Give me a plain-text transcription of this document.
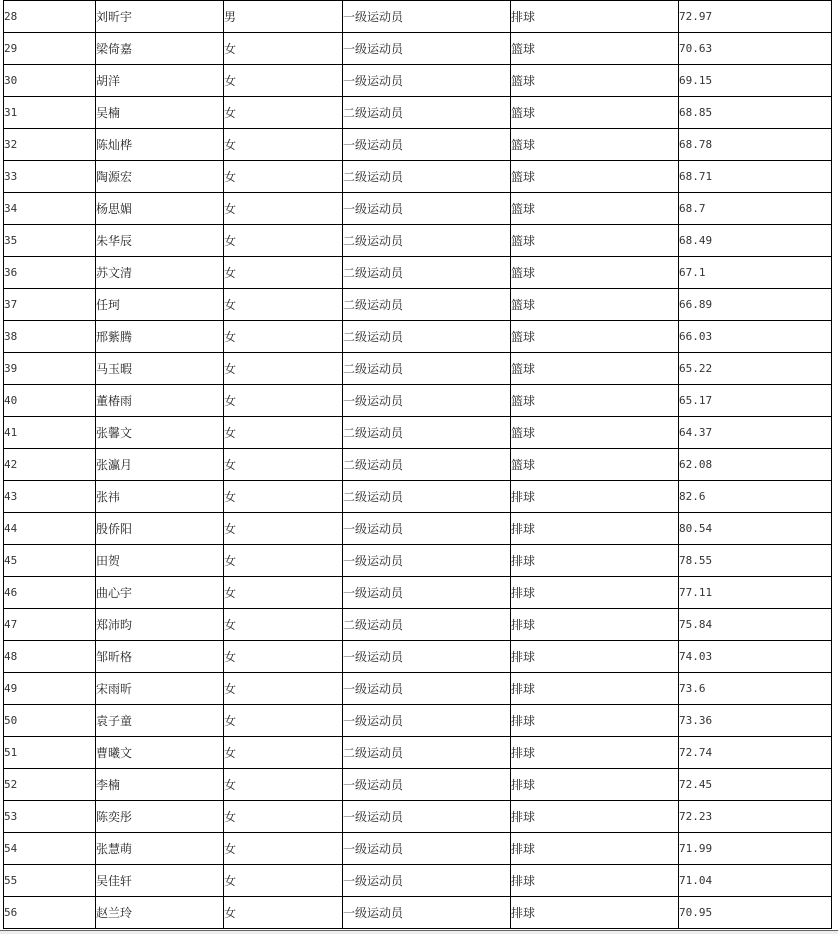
28	刘昕宇	男	一级运动员	排球	72.97
29	梁倚嘉	女	一级运动员	篮球	70.63
30	胡洋	女	一级运动员	篮球	69.15
31	吴楠	女	二级运动员	篮球	68.85
32	陈灿桦	女	一级运动员	篮球	68.78
33	陶源宏	女	二级运动员	篮球	68.71
34	杨思媚	女	一级运动员	篮球	68.7
35	朱华辰	女	二级运动员	篮球	68.49
36	苏文清	女	二级运动员	篮球	67.1
37	任珂	女	二级运动员	篮球	66.89
38	邢紫腾	女	二级运动员	篮球	66.03
39	马玉暇	女	二级运动员	篮球	65.22
40	董椿雨	女	一级运动员	篮球	65.17
41	张馨文	女	二级运动员	篮球	64.37
42	张瀛月	女	二级运动员	篮球	62.08
43	张祎	女	二级运动员	排球	82.6
44	殷侨阳	女	一级运动员	排球	80.54
45	田贺	女	一级运动员	排球	78.55
46	曲心宇	女	一级运动员	排球	77.11
47	郑沛昀	女	二级运动员	排球	75.84
48	邹昕格	女	一级运动员	排球	74.03
49	宋雨昕	女	一级运动员	排球	73.6
50	袁子童	女	一级运动员	排球	73.36
51	曹曦文	女	二级运动员	排球	72.74
52	李楠	女	一级运动员	排球	72.45
53	陈奕彤	女	一级运动员	排球	72.23
54	张慧萌	女	一级运动员	排球	71.99
55	吴佳轩	女	一级运动员	排球	71.04
56	赵兰玲	女	一级运动员	排球	70.95
